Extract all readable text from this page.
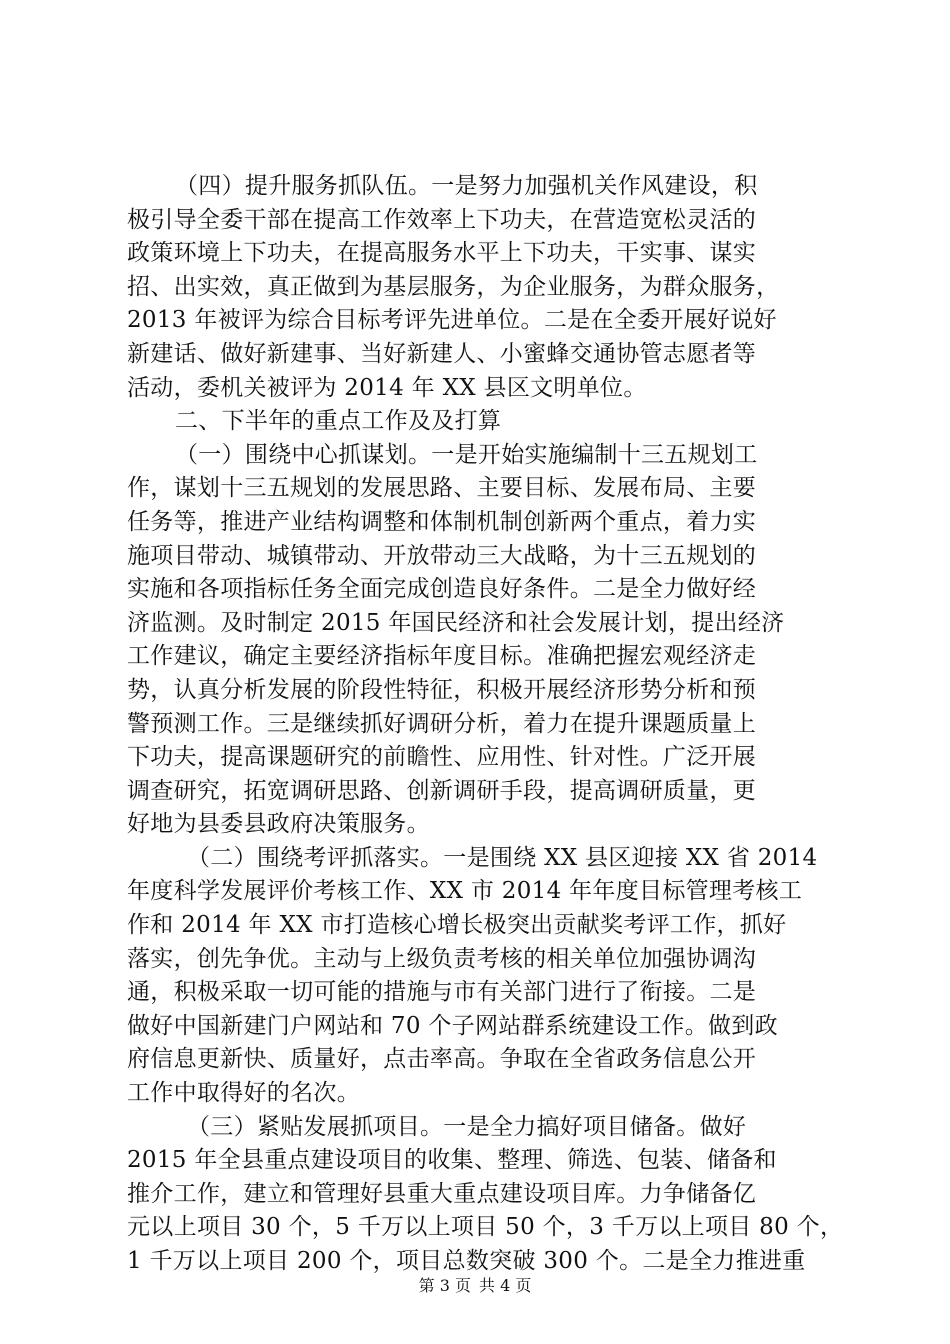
（四）提升服务抓队伍。一是努力加强机关作风建设，积
极引导全委干部在提高工作效率上下功夫，在营造宽松灵活的
政策环境上下功夫，在提高服务水平上下功夫，干实事、谋实
招、出实效，真正做到为基层服务，为企业服务，为群众服务，
2013 年被评为综合目标考评先进单位。二是在全委开展好说好
新建话、做好新建事、当好新建人、小蜜蜂交通协管志愿者等
活动，委机关被评为 2014 年 XX 县区文明单位。
二、下半年的重点工作及及打算
（一）围绕中心抓谋划。一是开始实施编制十三五规划工
作，谋划十三五规划的发展思路、主要目标、发展布局、主要
任务等，推进产业结构调整和体制机制创新两个重点，着力实
施项目带动、城镇带动、开放带动三大战略，为十三五规划的
实施和各项指标任务全面完成创造良好条件。二是全力做好经
济监测。及时制定 2015 年国民经济和社会发展计划，提出经济
工作建议，确定主要经济指标年度目标。准确把握宏观经济走
势，认真分析发展的阶段性特征，积极开展经济形势分析和预
警预测工作。三是继续抓好调研分析，着力在提升课题质量上
下功夫，提高课题研究的前瞻性、应用性、针对性。广泛开展
调查研究，拓宽调研思路、创新调研手段，提高调研质量，更
好地为县委县政府决策服务。
（二）围绕考评抓落实。一是围绕 XX 县区迎接 XX 省 2014
年度科学发展评价考核工作、XX 市 2014 年年度目标管理考核工
作和 2014 年 XX 市打造核心增长极突出贡献奖考评工作，抓好
落实，创先争优。主动与上级负责考核的相关单位加强协调沟
通，积极采取一切可能的措施与市有关部门进行了衔接。二是
做好中国新建门户网站和 70 个子网站群系统建设工作。做到政
府信息更新快、质量好，点击率高。争取在全省政务信息公开
工作中取得好的名次。
（三）紧贴发展抓项目。一是全力搞好项目储备。做好
2015 年全县重点建设项目的收集、整理、筛选、包装、储备和
推介工作，建立和管理好县重大重点建设项目库。力争储备亿
元以上项目 30 个，5 千万以上项目 50 个，3 千万以上项目 80 个，
1 千万以上项目 200 个，项目总数突破 300 个。二是全力推进重
第 3 页 共 4 页
